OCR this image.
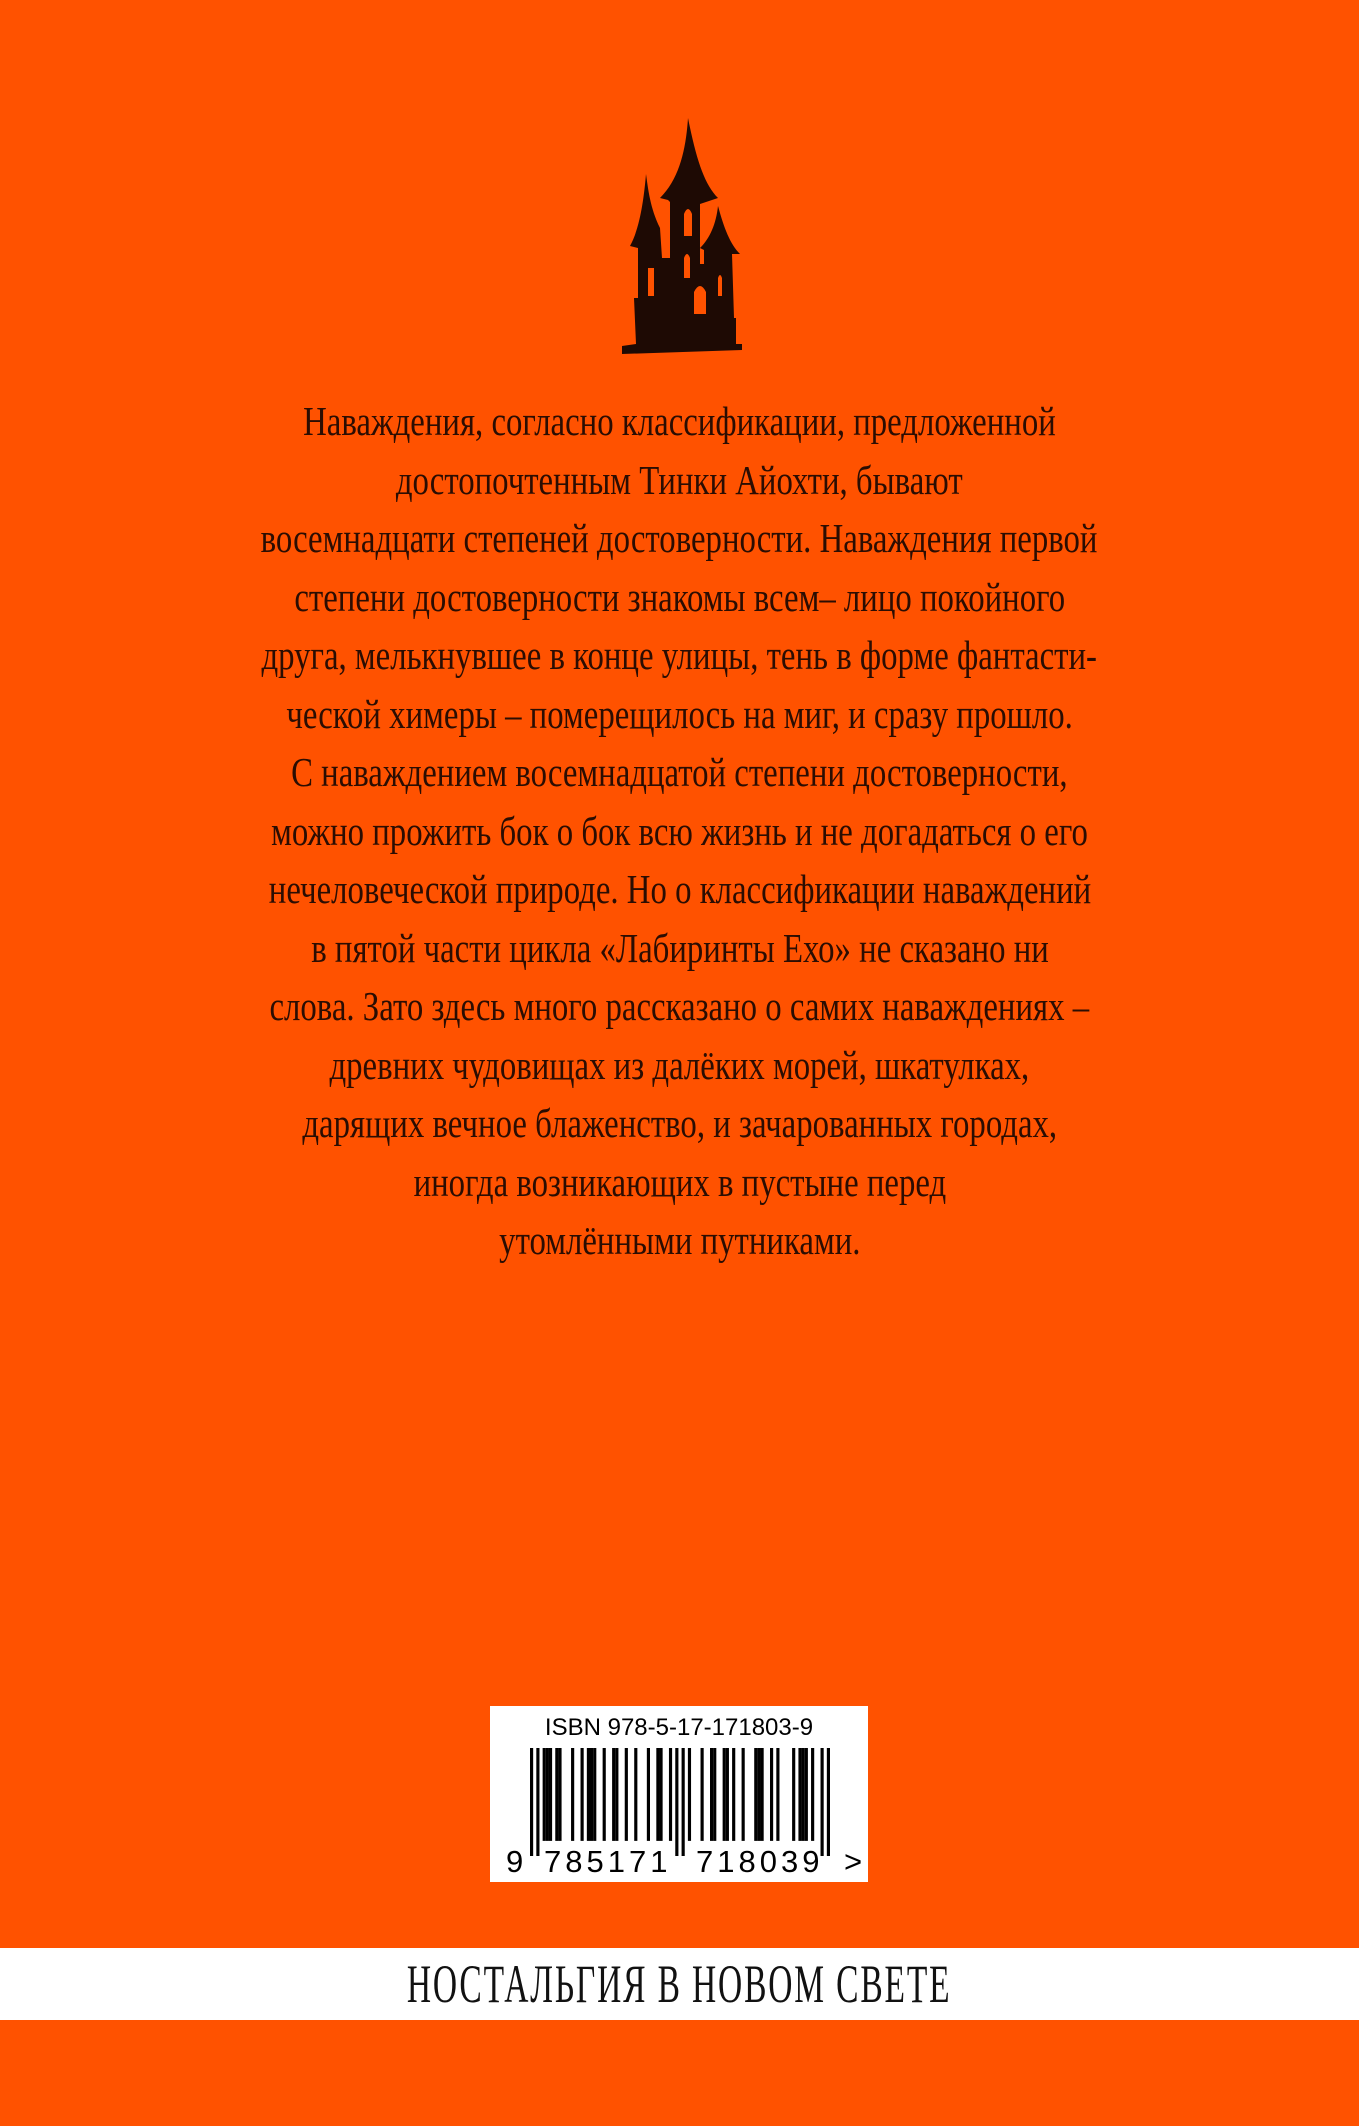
Наваждения, согласно классификации, предложенной
достопочтенным Тинки Айохти, бывают
восемнадцати степеней достоверности. Наваждения первой
степени достоверности знакомы всем– лицо покойного
друга, мелькнувшее в конце улицы, тень в форме фантасти-
ческой химеры – померещилось на миг, и сразу прошло.
С наваждением восемнадцатой степени достоверности,
можно прожить бок о бок всю жизнь и не догадаться о его
нечеловеческой природе. Но о классификации наваждений
в пятой части цикла «Лабиринты Ехо» не сказано ни
слова. Зато здесь много рассказано о самих наваждениях –
древних чудовищах из далёких морей, шкатулках,
дарящих вечное блаженство, и зачарованных городах,
иногда возникающих в пустыне перед
утомлёнными путниками.
ISBN 978-5-17-171803-9
9 785171 718039 >
НОСТАЛЬГИЯ В НОВОМ СВЕТЕ
